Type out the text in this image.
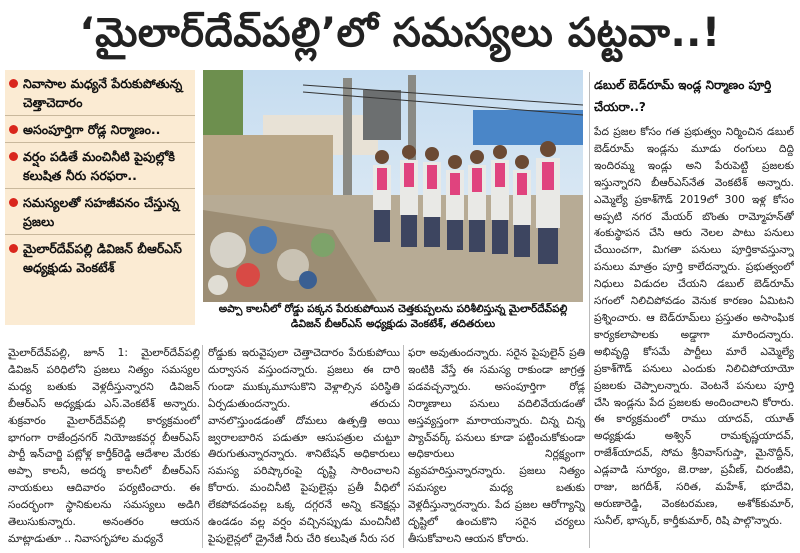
‘మైలార్‌దేవ్‌పల్లి’లో సమస్యలు పట్టవా..!
నివాసాల మధ్యనే పేరుకుపోతున్న చెత్తాచెదారం
అసంపూర్తిగా రోడ్ల నిర్మాణం..
వర్షం పడితే మంచినీటి పైపుల్లోకి కలుషిత నీరు సరఫరా..
సమస్యలతో సహజీవనం చేస్తున్న ప్రజలు
మైలార్‌దేవ్‌పల్లి డివిజన్ బీఆర్ఎస్ అధ్యక్షుడు వెంకటేశ్
అప్పా కాలనీలో రోడ్డు పక్కన పేరుకుపోయిన చెత్తకుప్పలను పరిశీలిస్తున్న మైలార్‌దేవ్‌పల్లి డివిజన్ బీఆర్ఎస్ అధ్యక్షుడు వెంకటేశ్, తదితరులు

మైలార్‌దేవ్‌పల్లి, జూన్ 1: మైలార్‌దేవ్‌పల్లి డివిజన్ పరిధిలోని ప్రజలు నిత్యం సమస్యల మధ్య బతుకు వెళ్లదీస్తున్నారని డివిజన్ బీఆర్ఎస్ అధ్యక్షుడు ఎస్.వెంకటేశ్ అన్నారు. శుక్రవారం మైలార్‌దేవ్‌పల్లి కార్యక్రమంలో భాగంగా రాజేంద్రనగర్ నియోజకవర్గ బీఆర్ఎస్ పార్టీ ఇన్‌చార్జి పట్లోళ్ల కార్తీక్‌రెడ్డి ఆదేశాల మేరకు అప్పా కాలనీ, అదర్శ కాలనీలో బీఆర్ఎస్ నాయకులు ఆదివారం పర్యటించారు. ఈ సందర్భంగా స్థానికులను సమస్యలు అడిగి తెలుసుకున్నారు. అనంతరం ఆయన మాట్లాడుతూ .. నివాసగృహాల మధ్యనే

రోడ్డుకు ఇరువైపులా చెత్తాచెదారం పేరుకుపోయి దుర్వాసన వస్తుందన్నారు. ప్రజలు ఈ దారి గుండా ముక్కుమూసుకొని వెళ్లాల్సిన పరిస్థితి ఏర్పడుతుందన్నారు. తరుచు వానలొస్తుండడంతో దోమలు ఉత్పత్తి అయి జ్వరాలబారిన పడుతూ ఆసుపత్రుల చుట్టూ తిరుగుతున్నారన్నారు. శానిటేషన్ అధికారులు సమస్య పరిష్కారంపై దృష్టి సారించాలని కోరారు. మంచినీటి పైపులైన్లు ప్రతీ వీధిలో లేకపోవడంవల్ల ఒక్క దగ్గరనే అన్ని కనెక్షన్లు ఉండడం వల్ల వర్షం వచ్చినప్పుడు మంచినీటి పైపులైన్లలో డ్రైనేజీ నీరు చేరి కలుషిత నీరు సర

ఫరా అవుతుందన్నారు. సరైన పైపులైన్ ప్రతి ఇంటికి వేస్తే ఈ సమస్య రాకుండా జాగ్రత్త పడవచ్చన్నారు. అసంపూర్తిగా రోడ్ల నిర్మాణాలు పనులు వదిలివేయడంతో అస్తవ్యస్తంగా మారాయన్నారు. చిన్న చిన్న ప్యాచ్‌వర్క్ పనులు కూడా పట్టించుకోకుండా అధికారులు నిర్లక్ష్యంగా వ్యవహరిస్తున్నారన్నారు. ప్రజలు నిత్యం సమస్యల మధ్య బతుకు వెళ్లదీస్తున్నారన్నారు. పేద ప్రజల ఆరోగ్యాన్ని దృష్టిలో ఉంచుకొని సరైన చర్యలు తీసుకోవాలని ఆయన కోరారు.

డబుల్ బెడ్‌రూమ్ ఇండ్ల నిర్మాణం పూర్తి చేయరా..?

పేద ప్రజల కోసం గత ప్రభుత్వం నిర్మించిన డబుల్ బెడ్‌రూమ్ ఇండ్లను మూడు రంగులు దిద్ది ఇందిరమ్మ ఇండ్లు అని పేరుపెట్టి ప్రజలకు ఇస్తున్నారని బీఆర్ఎస్‌నేత వెంకటేశ్ అన్నారు. ఎమ్మెల్యే ప్రకాశ్‌గౌడ్ 2019లో 300 ఇళ్ల కోసం అప్పటి నగర మేయర్ బొంతు రామ్మోహన్‌తో శంకుస్థాపన చేసి ఆరు నెలల పాటు పనులు చేయించగా, మిగతా పనులు పూర్తికావస్తున్నా పనులు మాత్రం పూర్తి కాలేదన్నారు. ప్రభుత్వంలో నిధులు విడుదల చేయని డబుల్ బెడ్‌రూమ్ సగంలో నిలిచిపోవడం వెనుక కారణం ఏమిటని ప్రశ్నించారు. ఆ బెడ్‌రూమ్‌లు ప్రస్తుతం అసాంఘిక కార్యకలాపాలకు అడ్డాగా మారిందన్నారు. అభివృద్ధి కోసమే పార్టీలు మారే ఎమ్మెల్యే ప్రకాశ్‌గౌడ్ పనులు ఎందుకు నిలిచిపోయాయో ప్రజలకు చెప్పాలన్నారు. వెంటనే పనులు పూర్తి చేసి ఇండ్లను పేద ప్రజలకు అందించాలని కోరారు. ఈ కార్యక్రమంలో రాము యాదవ్, యూత్ అధ్యక్షుడు అశ్విన్ రామకృష్ణయాదవ్, రాజేశ్‌యాదవ్, సోమ శ్రీనివాస్‌గుప్తా, మైనొద్దీన్, ఎడ్లవాడి సూర్యం, జె.రాజు, ప్రవీణ్, చిరంజీవి, రాజు, జగదీశ్, సరిత, మహేశ్, భూదేవి, అరుణారెడ్డి, వెంకటరమణ, అశోక్‌కుమార్, సునీల్, భాస్కర్, కార్తీకుమార్, రిషి పాల్గొన్నారు.
